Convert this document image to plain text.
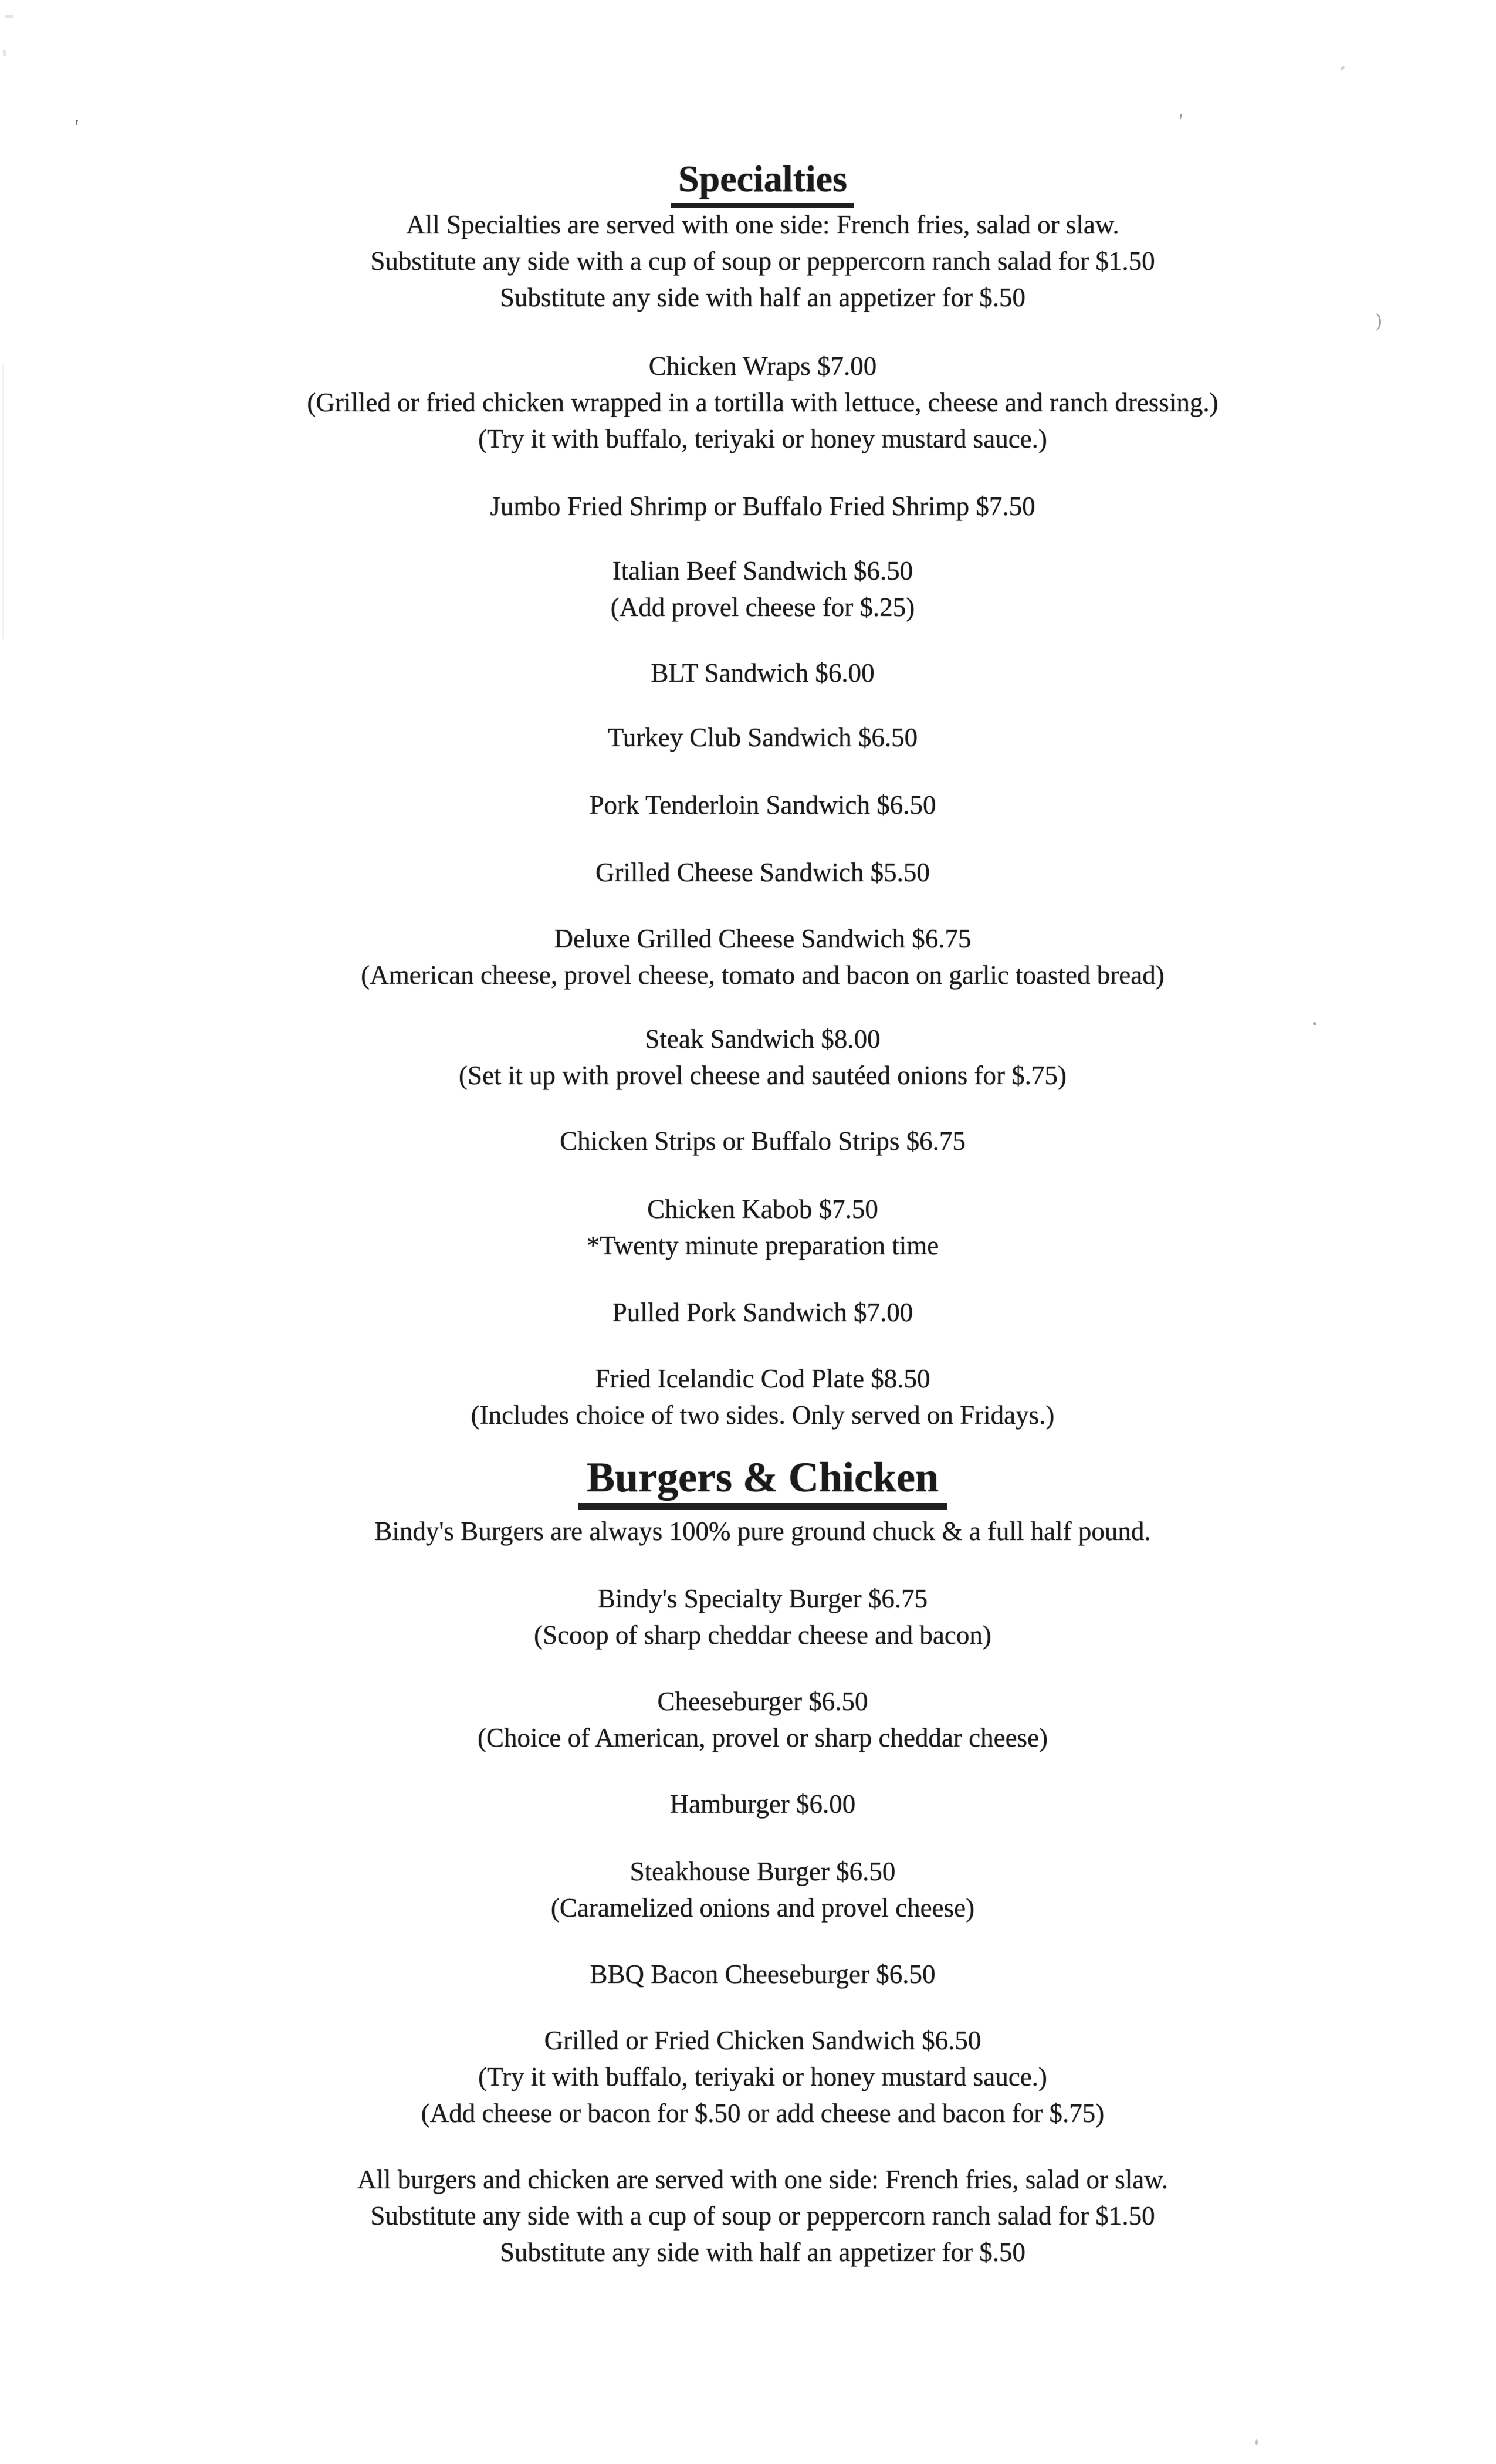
Specialties
All Specialties are served with one side: French fries, salad or slaw.
Substitute any side with a cup of soup or peppercorn ranch salad for $1.50
Substitute any side with half an appetizer for $.50
Chicken Wraps $7.00
(Grilled or fried chicken wrapped in a tortilla with lettuce, cheese and ranch dressing.)
(Try it with buffalo, teriyaki or honey mustard sauce.)
Jumbo Fried Shrimp or Buffalo Fried Shrimp $7.50
Italian Beef Sandwich $6.50
(Add provel cheese for $.25)
BLT Sandwich $6.00
Turkey Club Sandwich $6.50
Pork Tenderloin Sandwich $6.50
Grilled Cheese Sandwich $5.50
Deluxe Grilled Cheese Sandwich $6.75
(American cheese, provel cheese, tomato and bacon on garlic toasted bread)
Steak Sandwich $8.00
(Set it up with provel cheese and sautéed onions for $.75)
Chicken Strips or Buffalo Strips $6.75
Chicken Kabob $7.50
*Twenty minute preparation time
Pulled Pork Sandwich $7.00
Fried Icelandic Cod Plate $8.50
(Includes choice of two sides. Only served on Fridays.)
Burgers & Chicken
Bindy's Burgers are always 100% pure ground chuck & a full half pound.
Bindy's Specialty Burger $6.75
(Scoop of sharp cheddar cheese and bacon)
Cheeseburger $6.50
(Choice of American, provel or sharp cheddar cheese)
Hamburger $6.00
Steakhouse Burger $6.50
(Caramelized onions and provel cheese)
BBQ Bacon Cheeseburger $6.50
Grilled or Fried Chicken Sandwich $6.50
(Try it with buffalo, teriyaki or honey mustard sauce.)
(Add cheese or bacon for $.50 or add cheese and bacon for $.75)
All burgers and chicken are served with one side: French fries, salad or slaw.
Substitute any side with a cup of soup or peppercorn ranch salad for $1.50
Substitute any side with half an appetizer for $.50
'	'
)
